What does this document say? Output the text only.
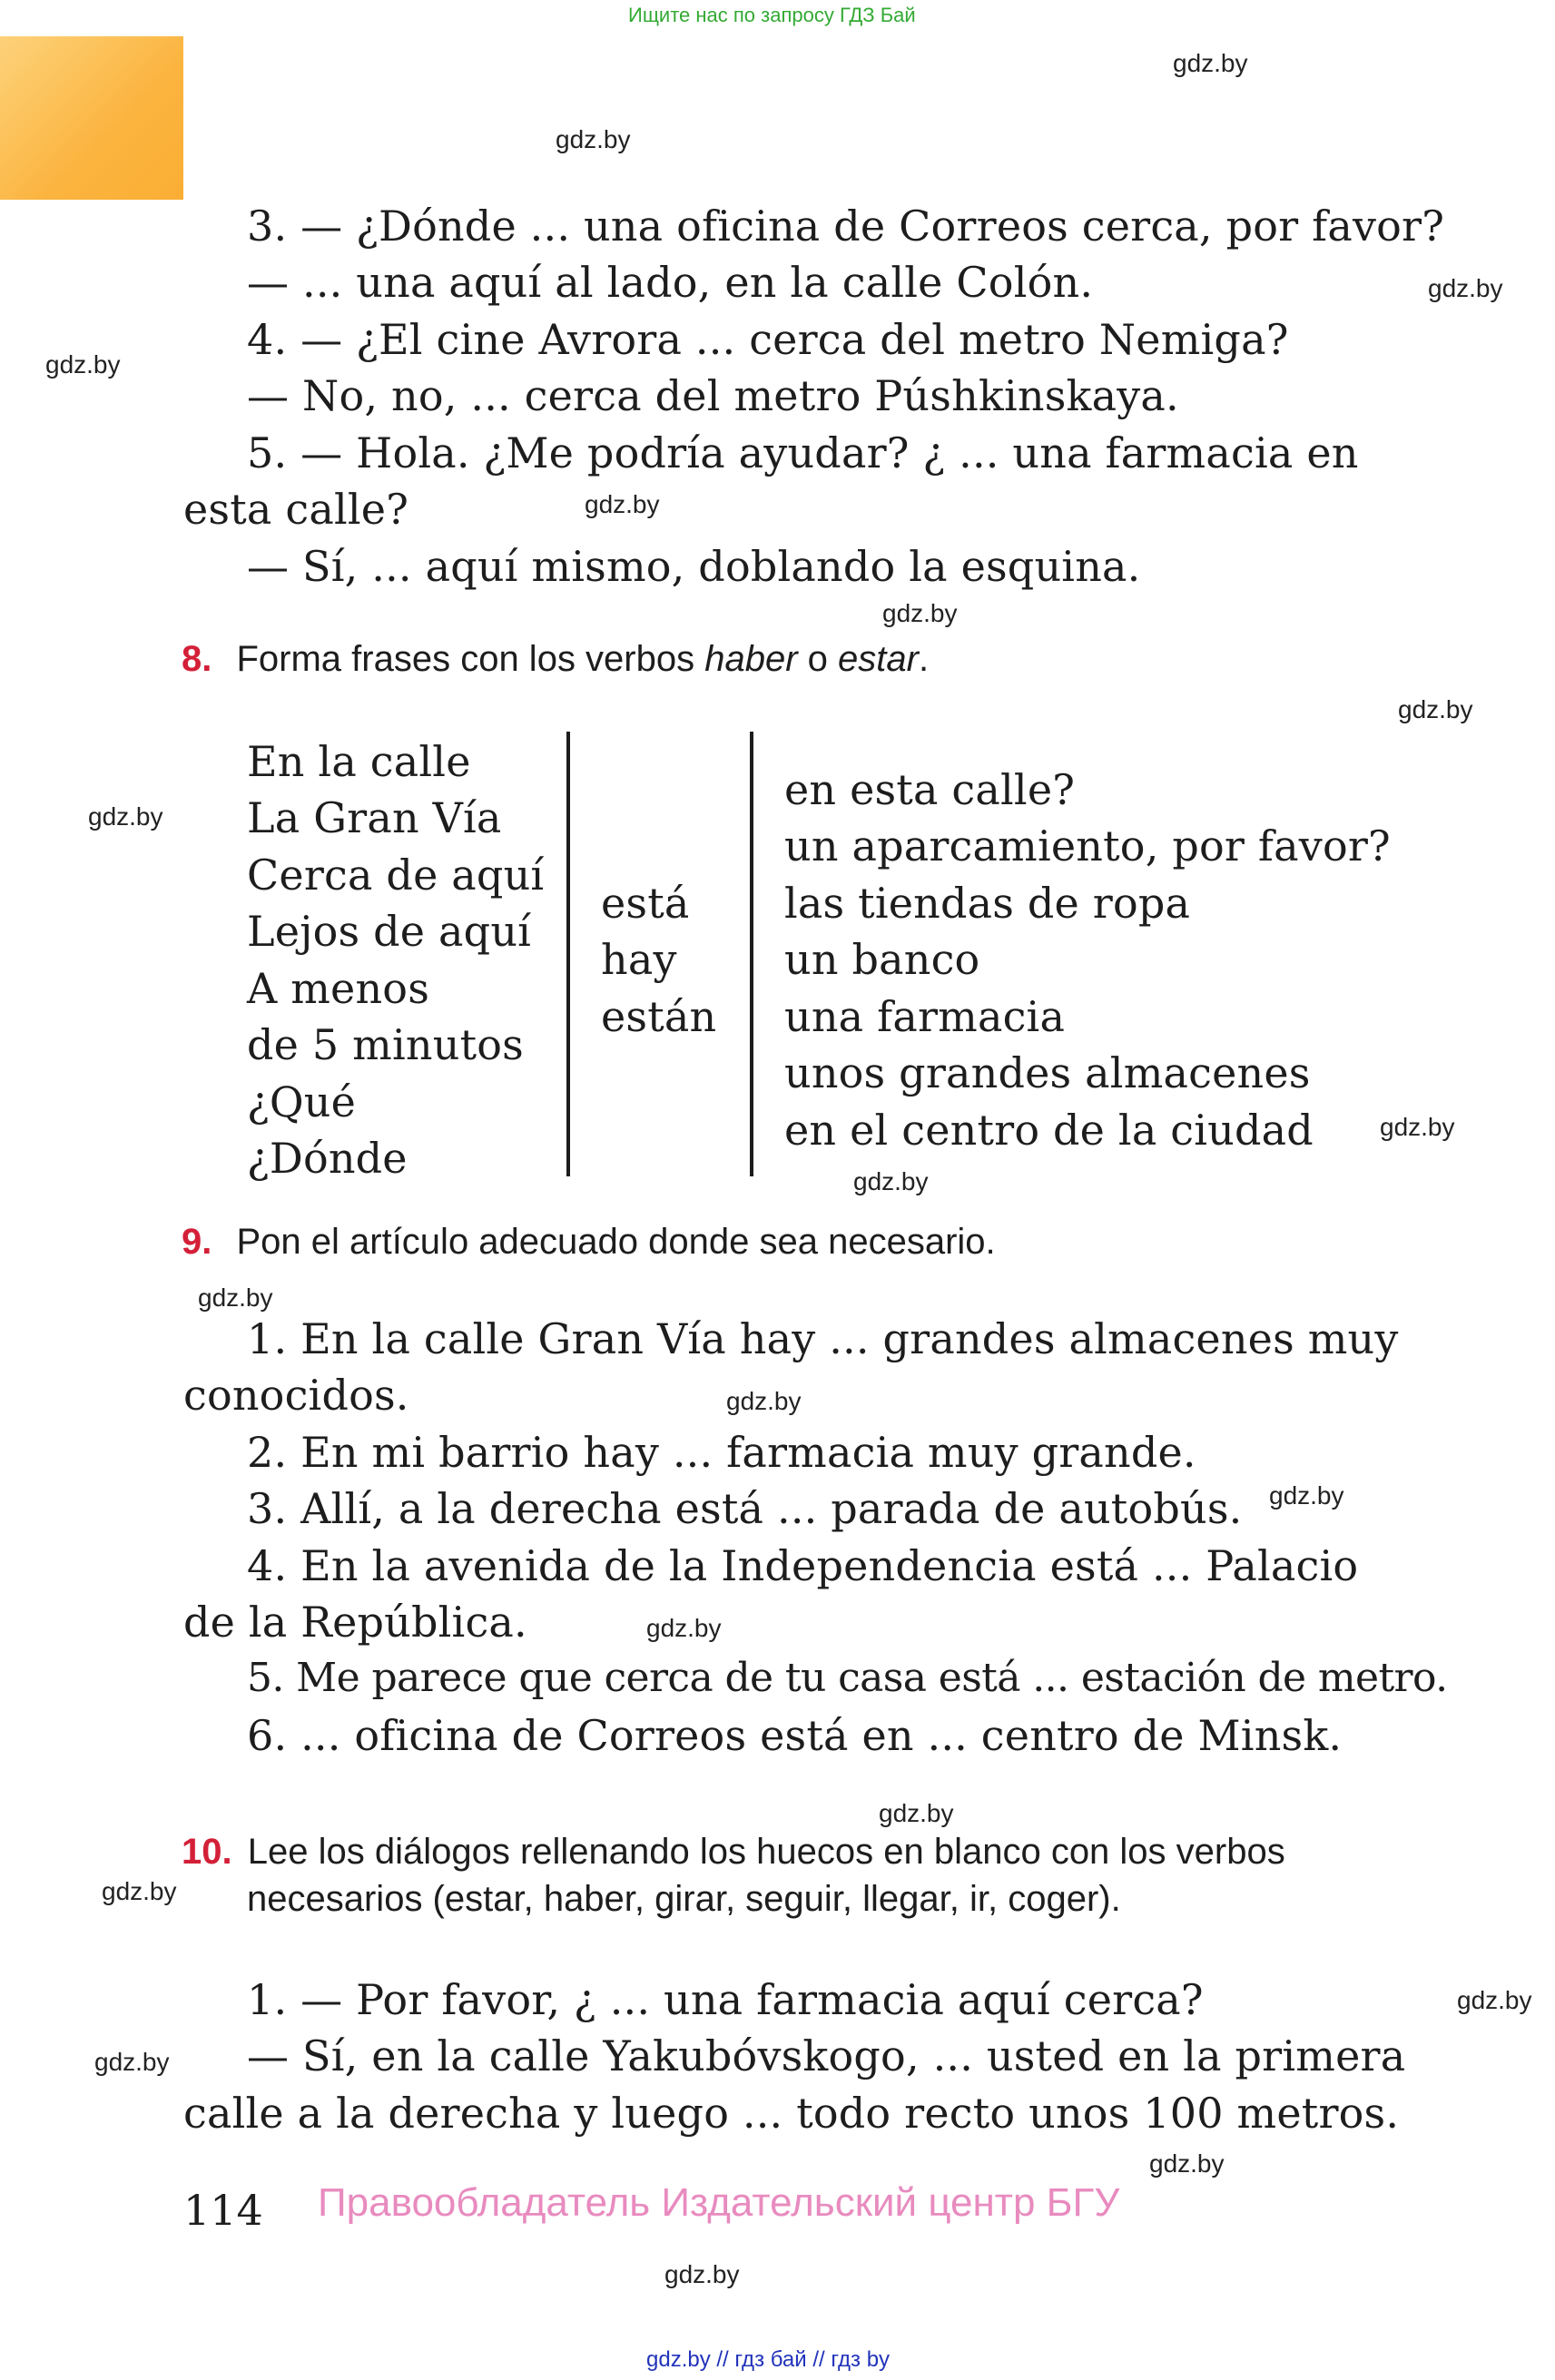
Ищите нас по запросу ГДЗ Бай
gdz.by
gdz.by
gdz.by
gdz.by
gdz.by
gdz.by
gdz.by
gdz.by
gdz.by
gdz.by
gdz.by
gdz.by
gdz.by
gdz.by
gdz.by
gdz.by
gdz.by
gdz.by
gdz.by
gdz.by
3. — ¿Dónde ... una oficina de Correos cerca, por favor?
— ... una aquí al lado, en la calle Colón.
4. — ¿El cine Avrora ... cerca del metro Nemiga?
— No, no, ... cerca del metro Púshkinskaya.
5. — Hola. ¿Me podría ayudar? ¿ ... una farmacia en
esta calle?
— Sí, ... aquí mismo, doblando la esquina.
8. Forma frases con los verbos haber o estar.
En la calle
La Gran Vía
Cerca de aquí
Lejos de aquí
A menos
de 5 minutos
¿Qué
¿Dónde
está
hay
están
en esta calle?
un aparcamiento, por favor?
las tiendas de ropa
un banco
una farmacia
unos grandes almacenes
en el centro de la ciudad
9. Pon el artículo adecuado donde sea necesario.
1. En la calle Gran Vía hay ... grandes almacenes muy
conocidos.
2. En mi barrio hay ... farmacia muy grande.
3. Allí, a la derecha está ... parada de autobús.
4. En la avenida de la Independencia está ... Palacio
de la República.
5. Me parece que cerca de tu casa está ... estación de metro.
6. ... oficina de Correos está en ... centro de Minsk.
10. Lee los diálogos rellenando los huecos en blanco con los verbos
necesarios (estar, haber, girar, seguir, llegar, ir, coger).
1. — Por favor, ¿ ... una farmacia aquí cerca?
— Sí, en la calle Yakubóvskogo, ... usted en la primera
calle a la derecha y luego ... todo recto unos 100 metros.
114 Правообладатель Издательский центр БГУ
gdz.by // гдз бай // гдз by
